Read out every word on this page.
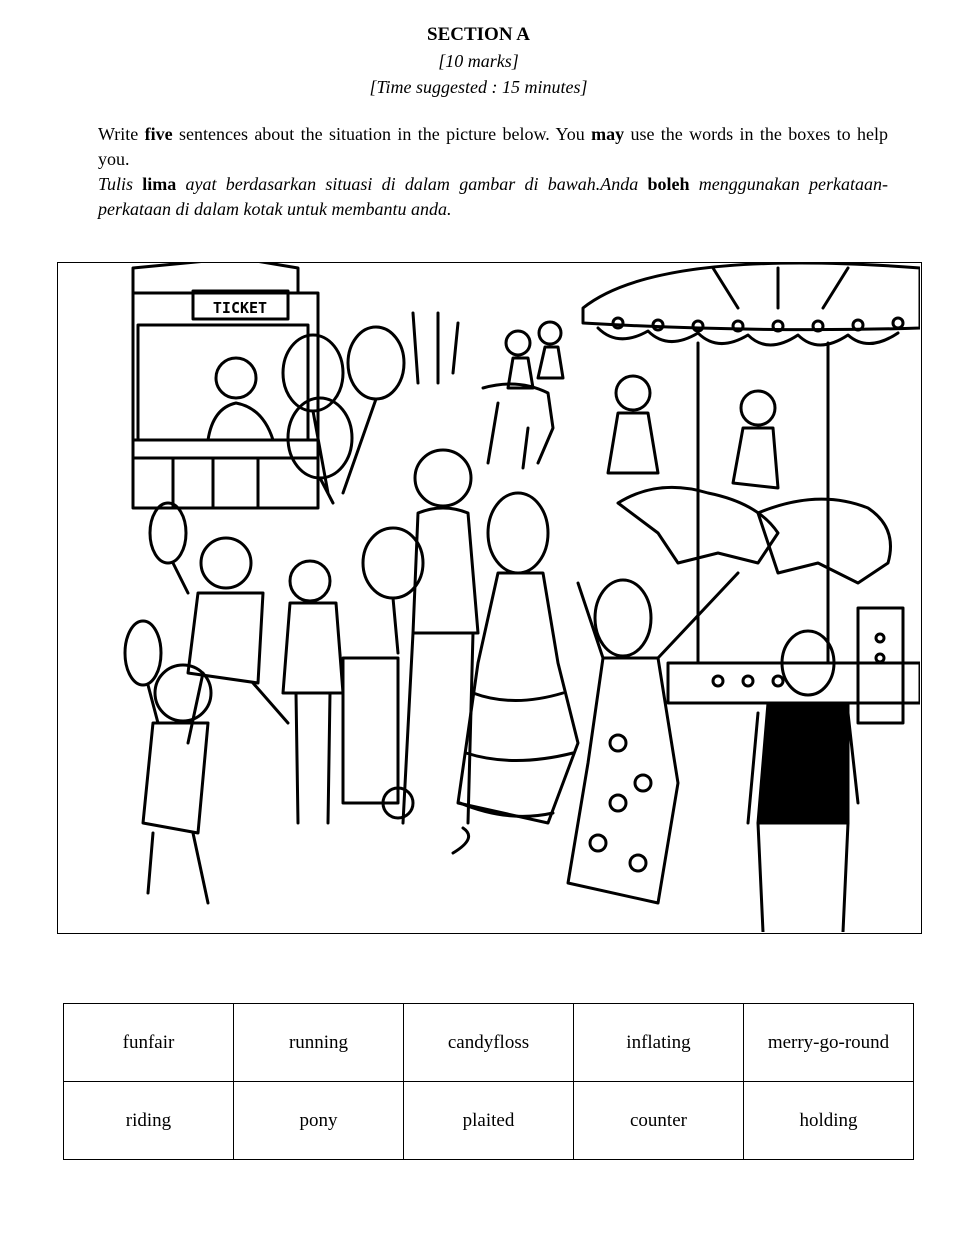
SECTION A
[10 marks]
[Time suggested : 15 minutes]

Write five sentences about the situation in the picture below. You may use the words in the boxes to help you.

Tulis lima ayat berdasarkan situasi di dalam gambar di bawah.Anda boleh menggunakan perkataan-perkataan di dalam kotak untuk membantu anda.

TICKET
funfair	running	candyfloss	inflating	merry-go-round
riding	pony	plaited	counter	holding
